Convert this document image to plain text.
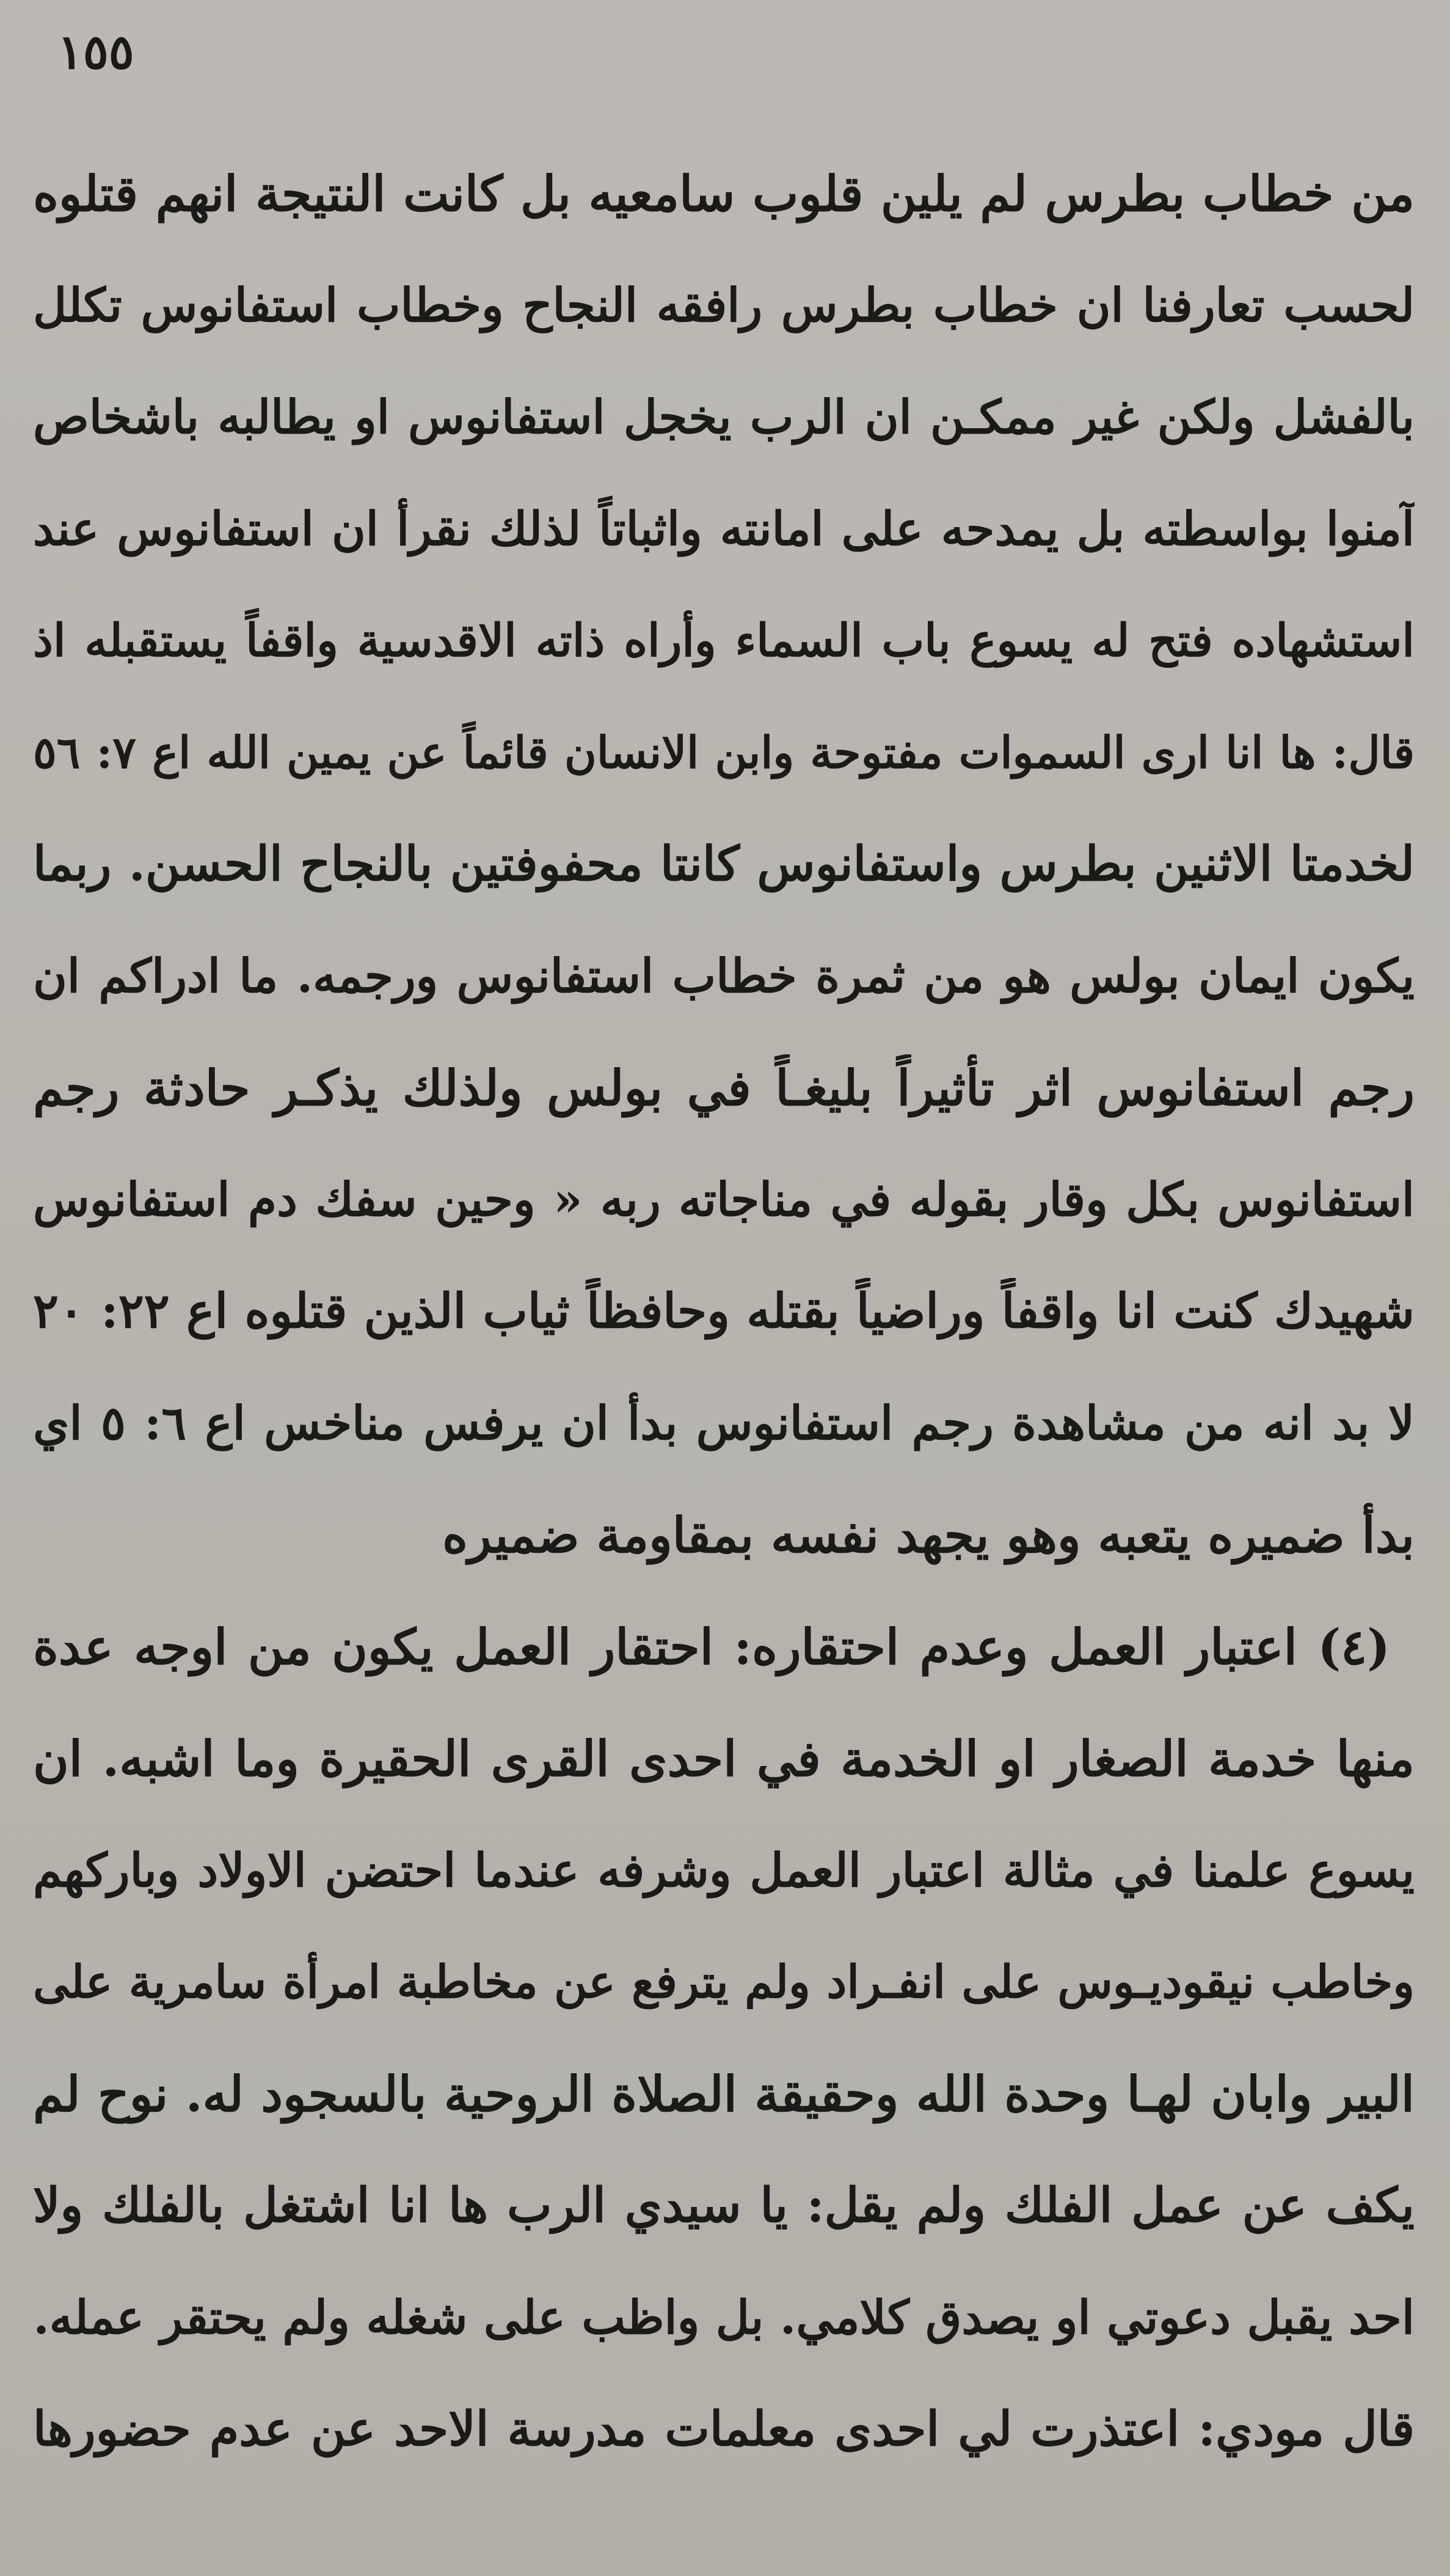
١٥٥
من خطاب بطرس لم يلين قلوب سامعيه بل كانت النتيجة انهم قتلوه
لحسب تعارفنا ان خطاب بطرس رافقه النجاح وخطاب استفانوس تكلل
بالفشل ولكن غير ممكـن ان الرب يخجل استفانوس او يطالبه باشخاص
آمنوا بواسطته بل يمدحه على امانته واثباتاً لذلك نقرأ ان استفانوس عند
استشهاده فتح له يسوع باب السماء وأراه ذاته الاقدسية واقفاً يستقبله اذ
قال: ها انا ارى السموات مفتوحة وابن الانسان قائماً عن يمين الله اع ٧: ٥٦
لخدمتا الاثنين بطرس واستفانوس كانتا محفوفتين بالنجاح الحسن. ربما
يكون ايمان بولس هو من ثمرة خطاب استفانوس ورجمه. ما ادراكم ان
رجم استفانوس اثر تأثيراً بليغـاً في بولس ولذلك يذكـر حادثة رجم
استفانوس بكل وقار بقوله في مناجاته ربه « وحين سفك دم استفانوس
شهيدك كنت انا واقفاً وراضياً بقتله وحافظاً ثياب الذين قتلوه اع ٢٢: ٢٠
لا بد انه من مشاهدة رجم استفانوس بدأ ان يرفس مناخس اع ٦: ٥ اي
بدأ ضميره يتعبه وهو يجهد نفسه بمقاومة ضميره
(٤) اعتبار العمل وعدم احتقاره: احتقار العمل يكون من اوجه عدة
منها خدمة الصغار او الخدمة في احدى القرى الحقيرة وما اشبه. ان
يسوع علمنا في مثالة اعتبار العمل وشرفه عندما احتضن الاولاد وباركهم
وخاطب نيقوديـوس على انفـراد ولم يترفع عن مخاطبة امرأة سامرية على
البير وابان لهـا وحدة الله وحقيقة الصلاة الروحية بالسجود له. نوح لم
يكف عن عمل الفلك ولم يقل: يا سيدي الرب ها انا اشتغل بالفلك ولا
احد يقبل دعوتي او يصدق كلامي. بل واظب على شغله ولم يحتقر عمله.
قال مودي: اعتذرت لي احدى معلمات مدرسة الاحد عن عدم حضورها
